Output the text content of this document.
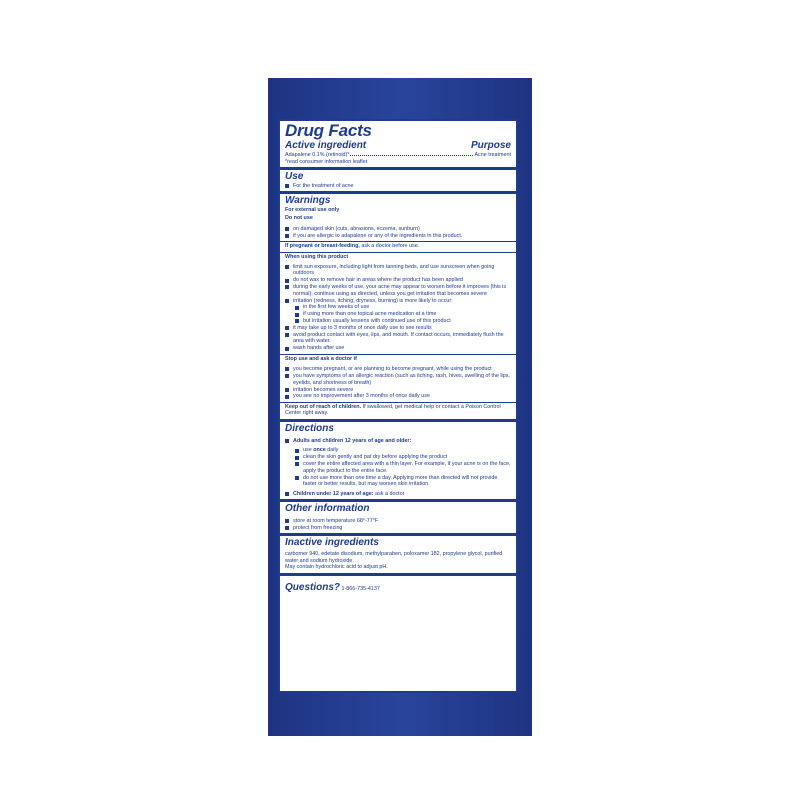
Drug Facts
Active ingredient	Purpose
Adapalene 0.1% (retinoid)*	Acne treatment
*read consumer information leaflet
Use
For the treatment of acne
Warnings
For external use only
Do not use
on damaged skin (cuts, abrasions, eczema, sunburn)
if you are allergic to adapalene or any of the ingredients in this product.
If pregnant or breast-feeding, ask a doctor before use.
When using this product
limit sun exposure, including light from tanning beds, and use sunscreen when going outdoors
do not wax to remove hair in areas where the product has been applied
during the early weeks of use, your acne may appear to worsen before it improves (this is normal); continue using as directed, unless you get irritation that becomes severe
irritation (redness, itching, dryness, burning) is more likely to occur:
in the first few weeks of use
if using more than one topical acne medication at a time
but irritation usually lessens with continued use of this product
it may take up to 3 months of once daily use to see results
avoid product contact with eyes, lips, and mouth. If contact occurs, immediately flush the area with water.
wash hands after use
Stop use and ask a doctor if
you become pregnant, or are planning to become pregnant, while using the product
you have symptoms of an allergic reaction (such as itching, rash, hives, swelling of the lips, eyelids, and shortness of breath)
irritation becomes severe
you see no improvement after 3 months of once daily use
Keep out of reach of children. If swallowed, get medical help or contact a Poison Control Center right away.
Directions
Adults and children 12 years of age and older:
use once daily
clean the skin gently and pat dry before applying the product
cover the entire affected area with a thin layer. For example, if your acne is on the face, apply the product to the entire face.
do not use more than one time a day. Applying more than directed will not provide faster or better results, but may worsen skin irritation.
Children under 12 years of age: ask a doctor
Other information
store at room temperature 68°-77°F
protect from freezing
Inactive ingredients
carbomer 940, edetate disodium, methylparaben, poloxamer 182, propylene glycol, purified water and sodium hydroxide.
May contain hydrochloric acid to adjust pH.
Questions? 1-866-735-4137
